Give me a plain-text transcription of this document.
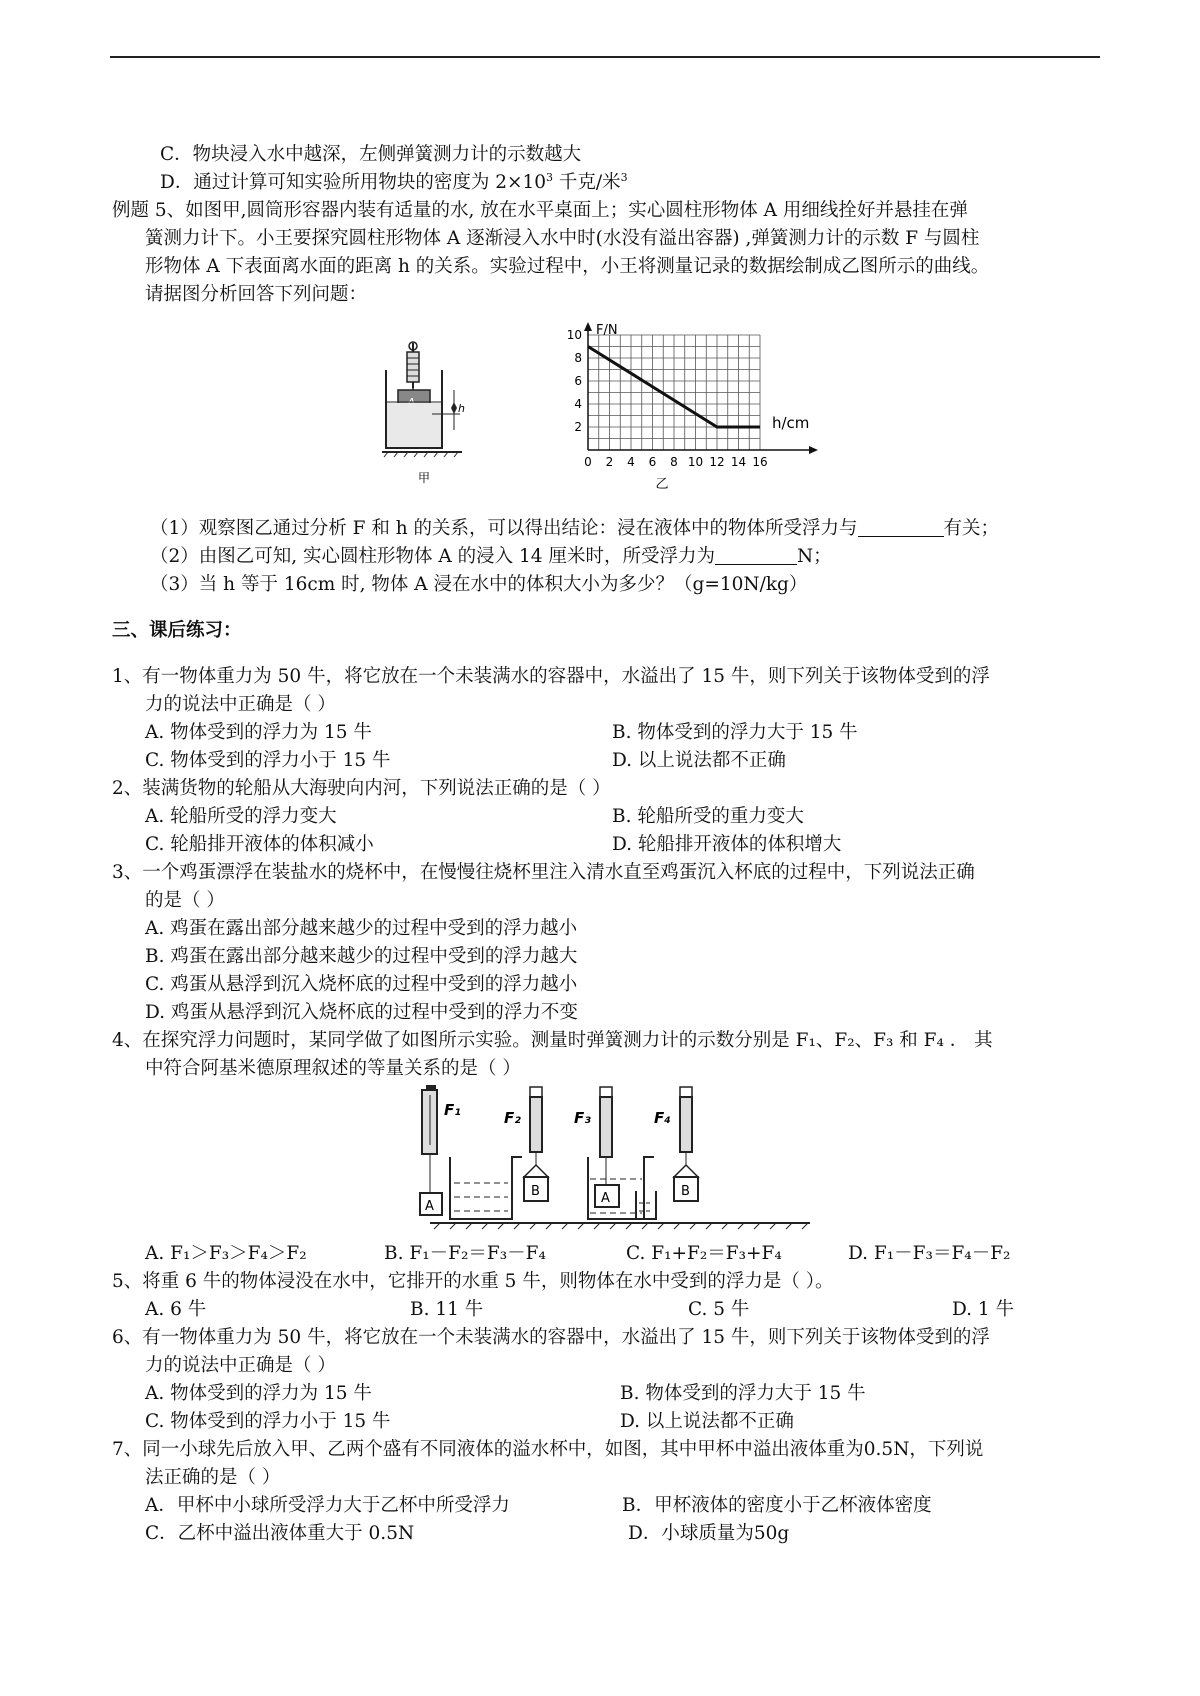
C．物块浸入水中越深，左侧弹簧测力计的示数越大
D．通过计算可知实验所用物块的密度为 $2\times 10^3$ 千克/米$^3$
例题 5、如图甲,圆筒形容器内装有适量的水, 放在水平桌面上；实心圆柱形物体 A 用细线拴好并悬挂在弹
簧测力计下。小王要探究圆柱形物体 A 逐渐浸入水中时(水没有溢出容器) ,弹簧测力计的示数 F 与圆柱
形物体 A 下表面离水面的距离 h 的关系。实验过程中，小王将测量记录的数据绘制成乙图所示的曲线。
请据图分析回答下列问题：
h
甲
0 2 4 6 8 10 12 14 16
2
4
6
8
10 F/N
h/cm
乙
（1）观察图乙通过分析 F 和 h 的关系，可以得出结论：浸在液体中的物体所受浮力与	有关；
（2）由图乙可知, 实心圆柱形物体 A 的浸入 14 厘米时，所受浮力为	N；
（3）当 h 等于 16cm 时, 物体 A 浸在水中的体积大小为多少？（g=10N/kg）
三、课后练习：
1、有一物体重力为 50 牛，将它放在一个未装满水的容器中，水溢出了 15 牛，则下列关于该物体受到的浮
力的说法中正确是（ ）
A. 物体受到的浮力为 15 牛	B. 物体受到的浮力大于 15 牛
C. 物体受到的浮力小于 15 牛	D. 以上说法都不正确
2、装满货物的轮船从大海驶向内河，下列说法正确的是（ ）
A. 轮船所受的浮力变大	B. 轮船所受的重力变大
C. 轮船排开液体的体积减小	D. 轮船排开液体的体积增大
3、一个鸡蛋漂浮在装盐水的烧杯中，在慢慢往烧杯里注入清水直至鸡蛋沉入杯底的过程中，下列说法正确
的是（ ）
A. 鸡蛋在露出部分越来越少的过程中受到的浮力越小
B. 鸡蛋在露出部分越来越少的过程中受到的浮力越大
C. 鸡蛋从悬浮到沉入烧杯底的过程中受到的浮力越小
D. 鸡蛋从悬浮到沉入烧杯底的过程中受到的浮力不变
4、在探究浮力问题时，某同学做了如图所示实验。测量时弹簧测力计的示数分别是 F₁、F₂、F₃ 和 F₄ ． 其
中符合阿基米德原理叙述的等量关系的是（ ）
A
F₁
B
F₂
A
F₃
B
F₄
A. F₁＞F₃＞F₄＞F₂	B. F₁－F₂＝F₃－F₄	C. F₁+F₂＝F₃+F₄	D. F₁－F₃＝F₄－F₂
5、将重 6 牛的物体浸没在水中，它排开的水重 5 牛，则物体在水中受到的浮力是（ ）。
A. 6 牛	B. 11 牛	C. 5 牛	D. 1 牛
6、有一物体重力为 50 牛，将它放在一个未装满水的容器中，水溢出了 15 牛，则下列关于该物体受到的浮
力的说法中正确是（ ）
A. 物体受到的浮力为 15 牛	B. 物体受到的浮力大于 15 牛
C. 物体受到的浮力小于 15 牛	D. 以上说法都不正确
7、同一小球先后放入甲、乙两个盛有不同液体的溢水杯中，如图，其中甲杯中溢出液体重为0.5N，下列说
法正确的是（ ）
A．甲杯中小球所受浮力大于乙杯中所受浮力	B．甲杯液体的密度小于乙杯液体密度
C．乙杯中溢出液体重大于 0.5N	D．小球质量为50g
